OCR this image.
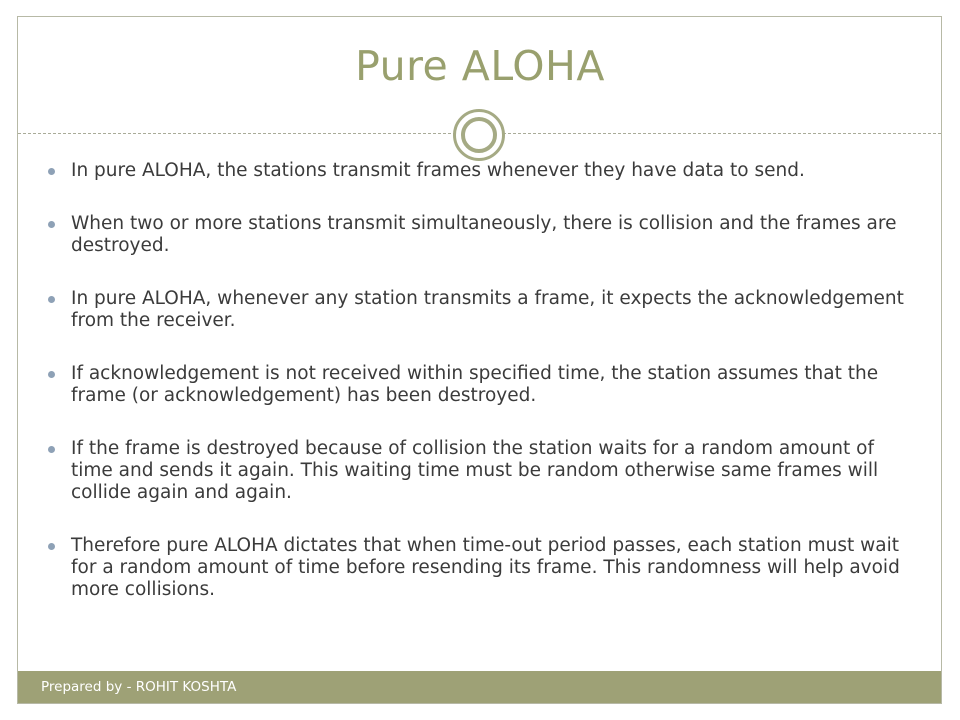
Pure ALOHA
In pure ALOHA, the stations transmit frames whenever they have data to send.
When two or more stations transmit simultaneously, there is collision and the frames are destroyed.
In pure ALOHA, whenever any station transmits a frame, it expects the acknowledgement from the receiver.
If acknowledgement is not received within specified time, the station assumes that the frame (or acknowledgement) has been destroyed.
If the frame is destroyed because of collision the station waits for a random amount of time and sends it again. This waiting time must be random otherwise same frames will collide again and again.
Therefore pure ALOHA dictates that when time-out period passes, each station must wait for a random amount of time before resending its frame. This randomness will help avoid more collisions.
Prepared by - ROHIT KOSHTA
